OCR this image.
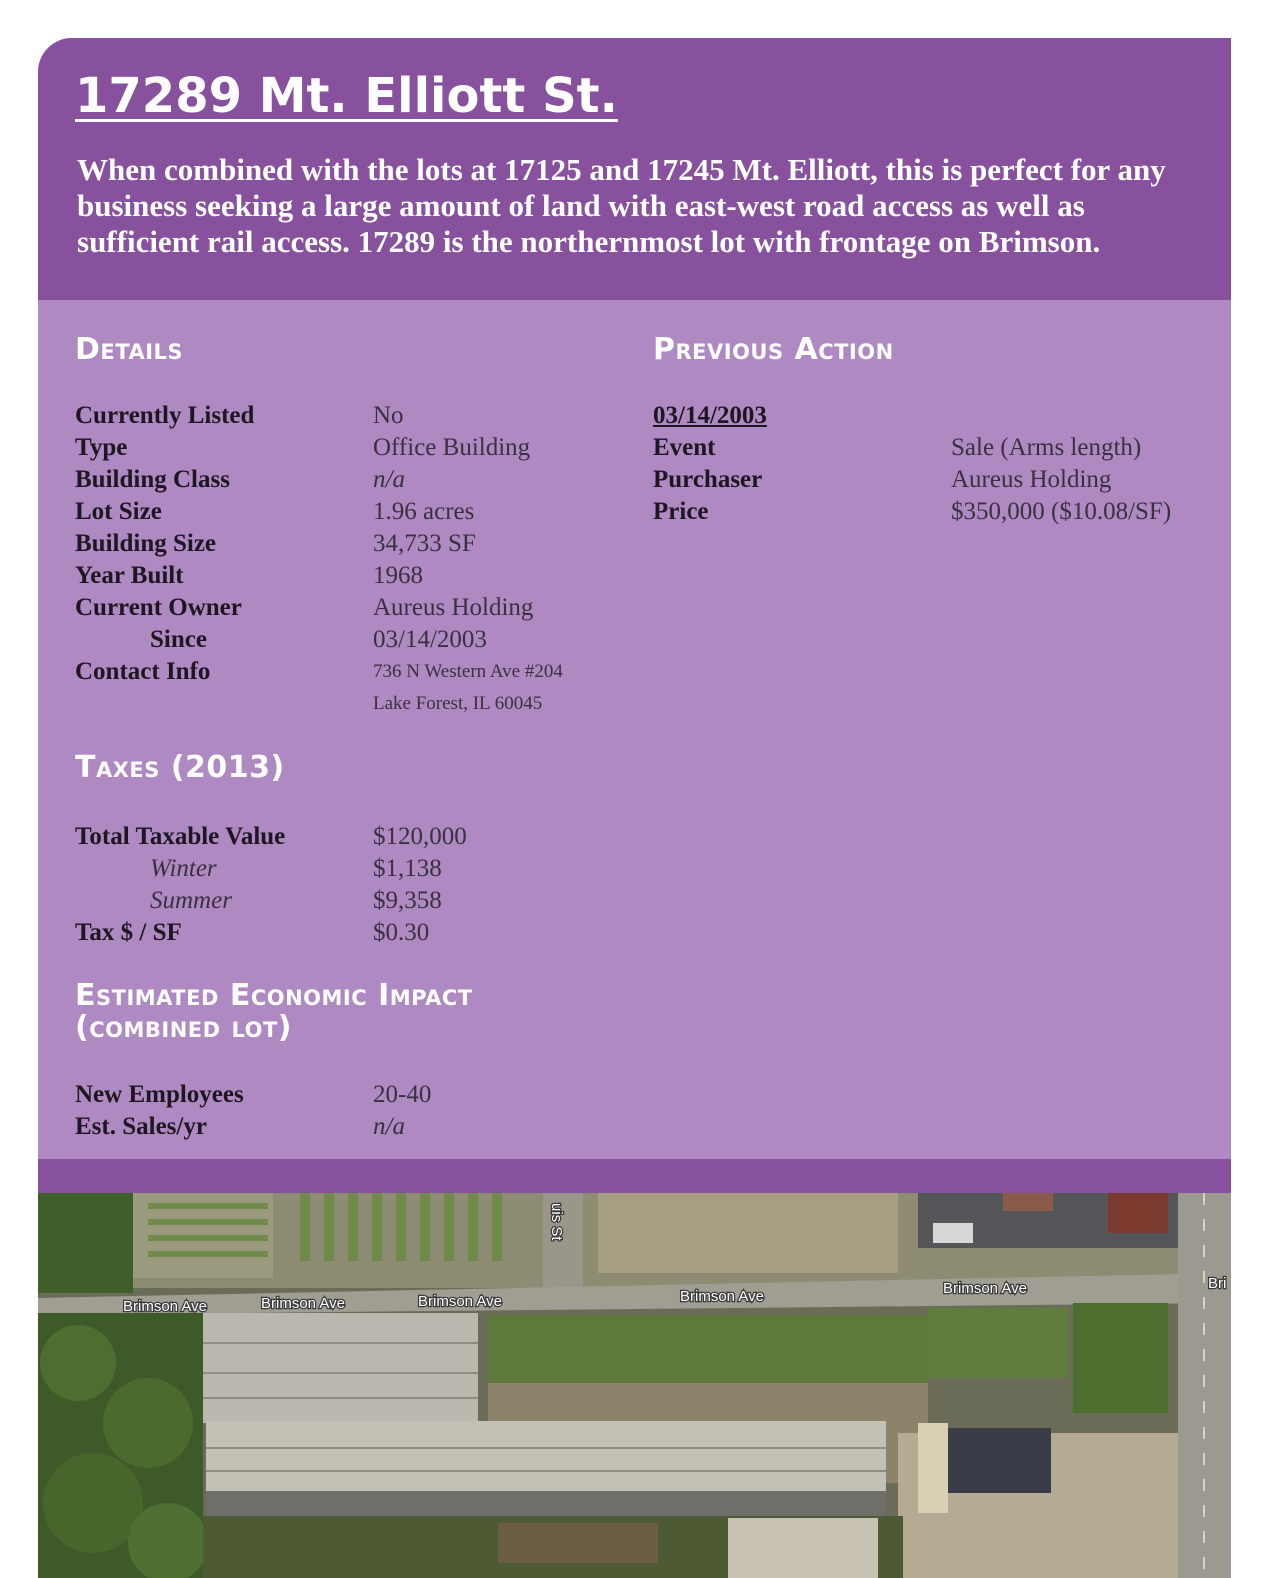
17289 Mt. Elliott St.

When combined with the lots at 17125 and 17245 Mt. Elliott, this is perfect for any business seeking a large amount of land with east-west road access as well as sufficient rail access. 17289 is the northernmost lot with frontage on Brimson.

Details
Currently Listed	No
Type	Office Building
Building Class	n/a
Lot Size	1.96 acres
Building Size	34,733 SF
Year Built	1968
Current Owner	Aureus Holding
Since	03/14/2003
Contact Info	736 N Western Ave #204
Lake Forest, IL 60045
Taxes (2013)
Total Taxable Value	$120,000
Winter	$1,138
Summer	$9,358
Tax $ / SF	$0.30
Estimated Economic Impact
(combined lot)
New Employees	20-40
Est. Sales/yr	n/a
Previous Action
03/14/2003
Event	Sale (Arms length)
Purchaser	Aureus Holding
Price	$350,000 ($10.08/SF)
Brimson Ave	Brimson Ave	Brimson Ave	Brimson Ave	Brimson Ave	Bri
uis St
